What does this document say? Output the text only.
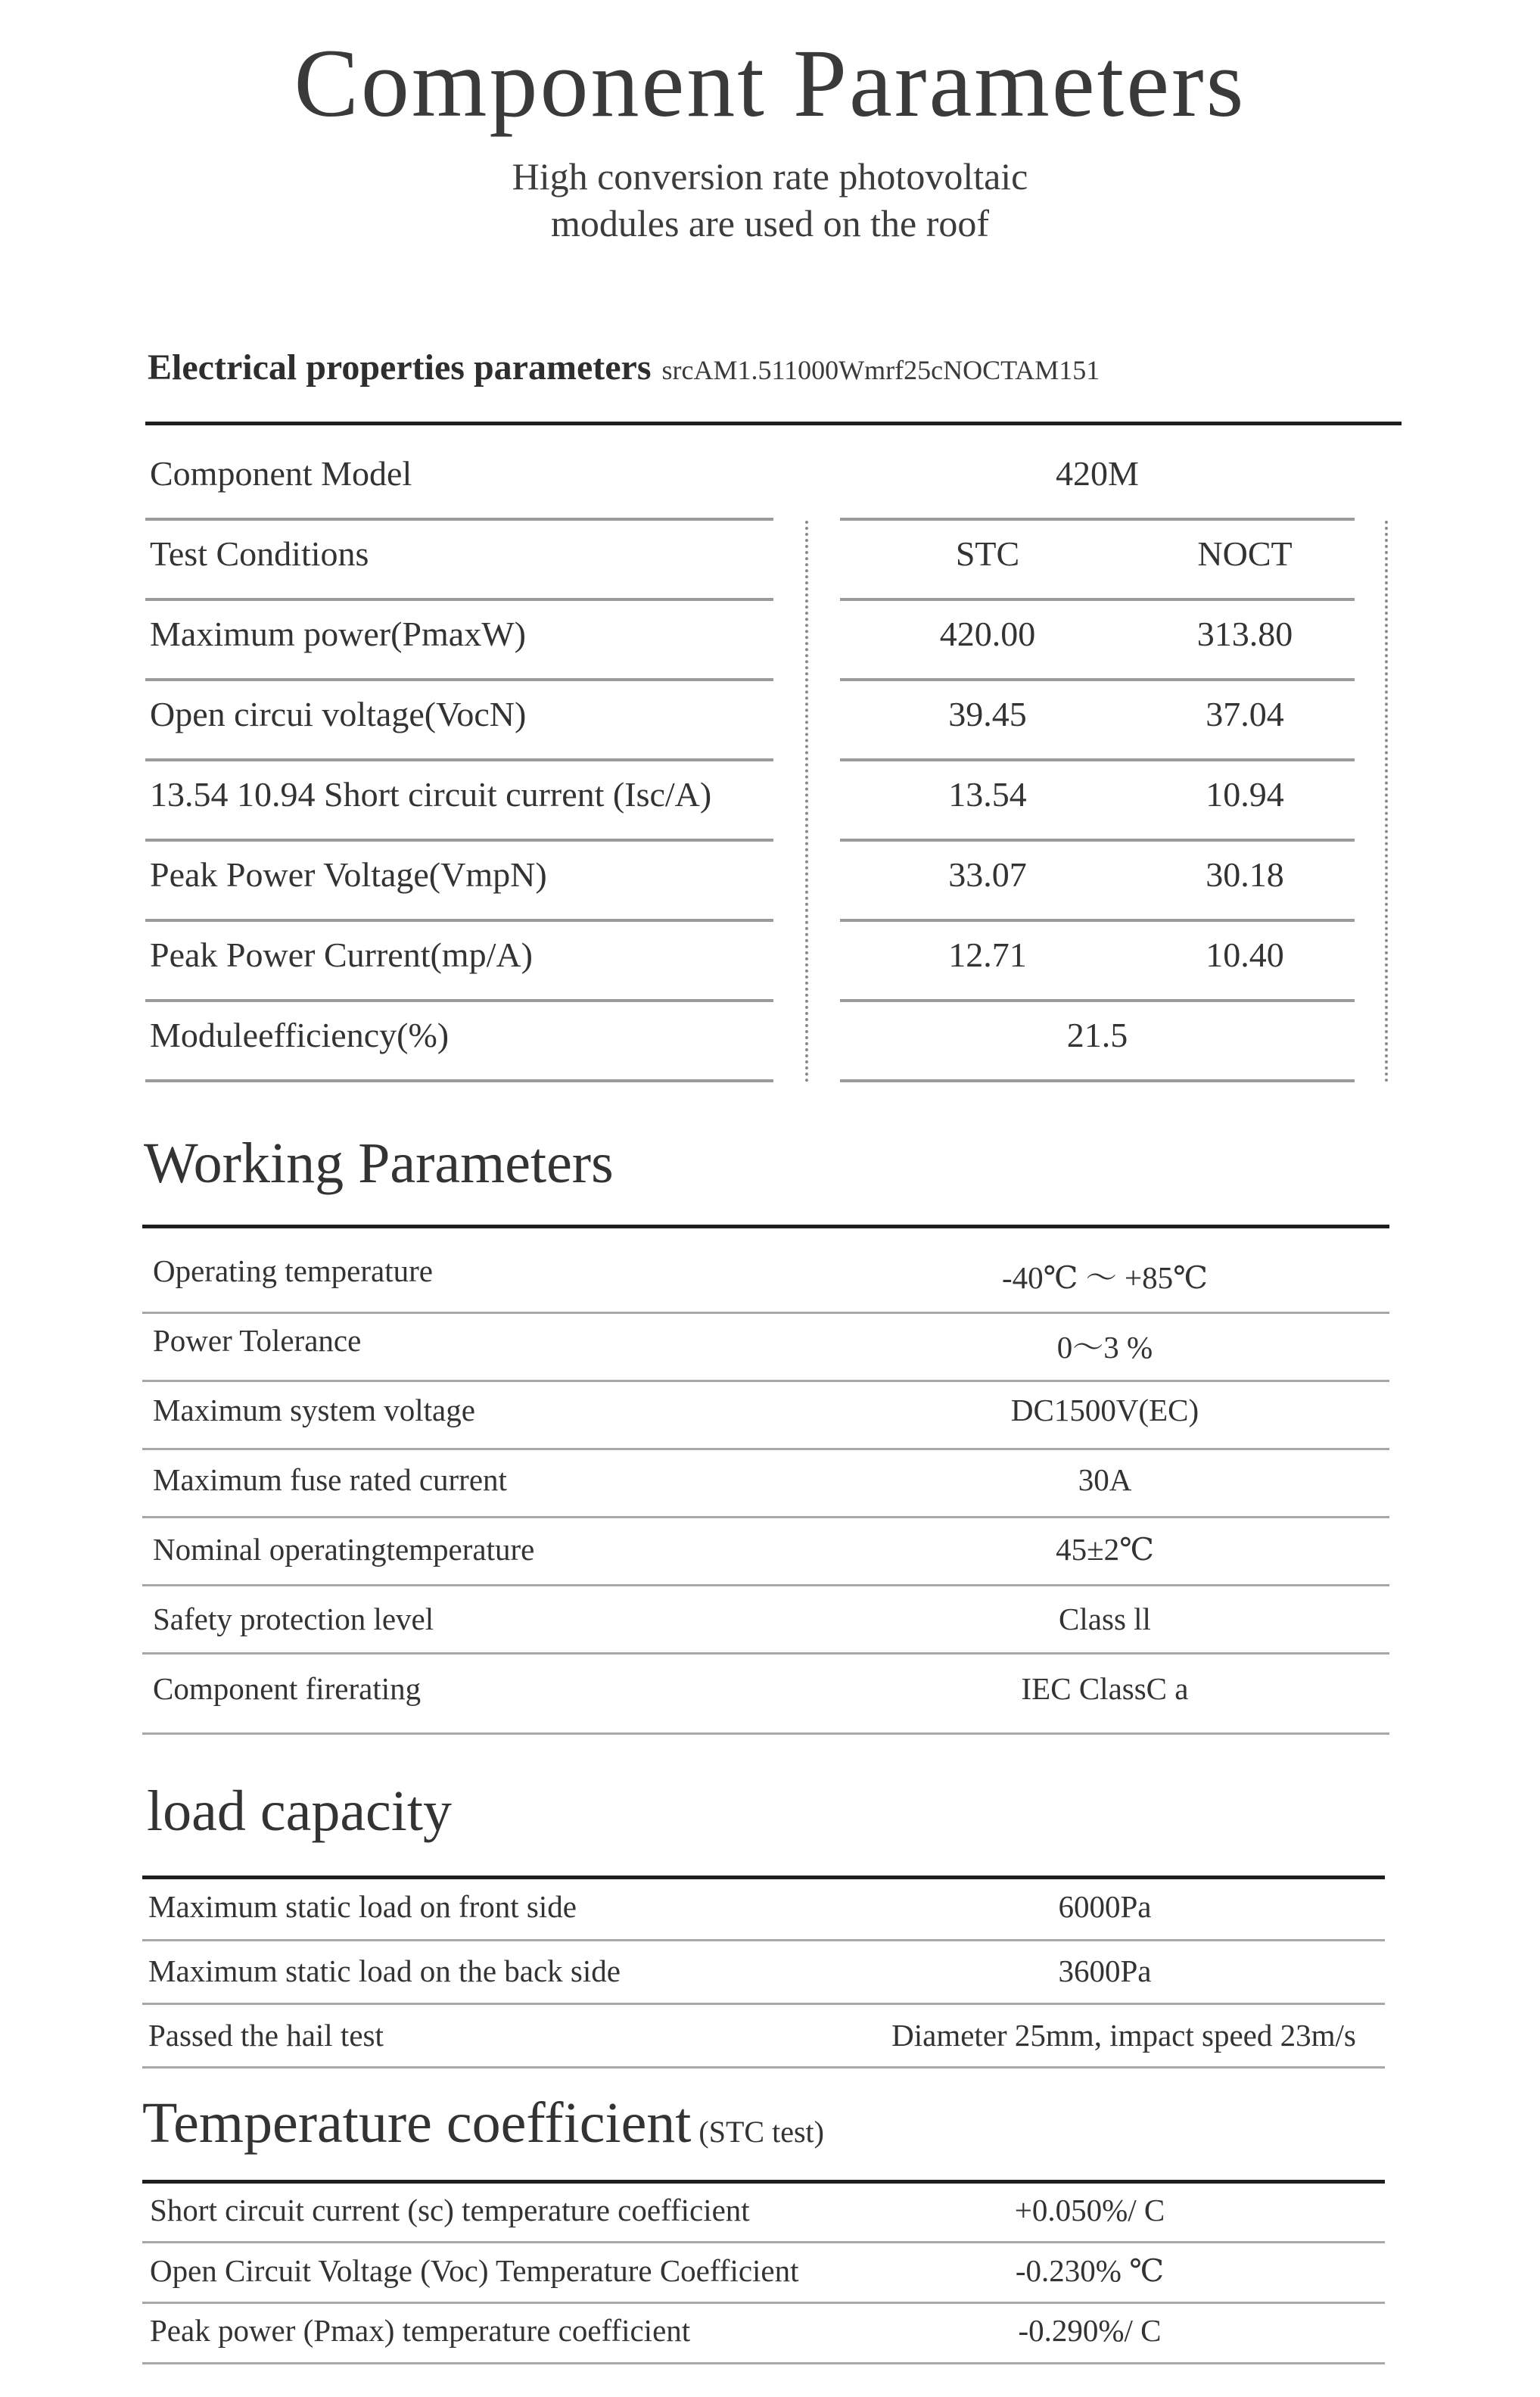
Component Parameters
High conversion rate photovoltaic
modules are used on the roof
Electrical properties parameters srcAM1.511000Wmrf25cNOCTAM151
Component Model	420M
Test Conditions	STC	NOCT
Maximum power(PmaxW)	420.00	313.80
Open circui voltage(VocN)	39.45	37.04
13.54 10.94 Short circuit current (Isc/A)	13.54	10.94
Peak Power Voltage(VmpN)	33.07	30.18
Peak Power Current(mp/A)	12.71	10.40
Moduleefficiency(%)	21.5
Working Parameters
Operating temperature	-40℃ ～ +85℃
Power Tolerance	0～3 %
Maximum system voltage	DC1500V(EC)
Maximum fuse rated current	30A
Nominal operatingtemperature	45±2℃
Safety protection level	Class ll
Component firerating	IEC ClassC a
load capacity
Maximum static load on front side	6000Pa
Maximum static load on the back side	3600Pa
Passed the hail test	Diameter 25mm, impact speed 23m/s
Temperature coefficient (STC test)
Short circuit current (sc) temperature coefficient	+0.050%/ C
Open Circuit Voltage (Voc) Temperature Coefficient	-0.230% ℃
Peak power (Pmax) temperature coefficient	-0.290%/ C
